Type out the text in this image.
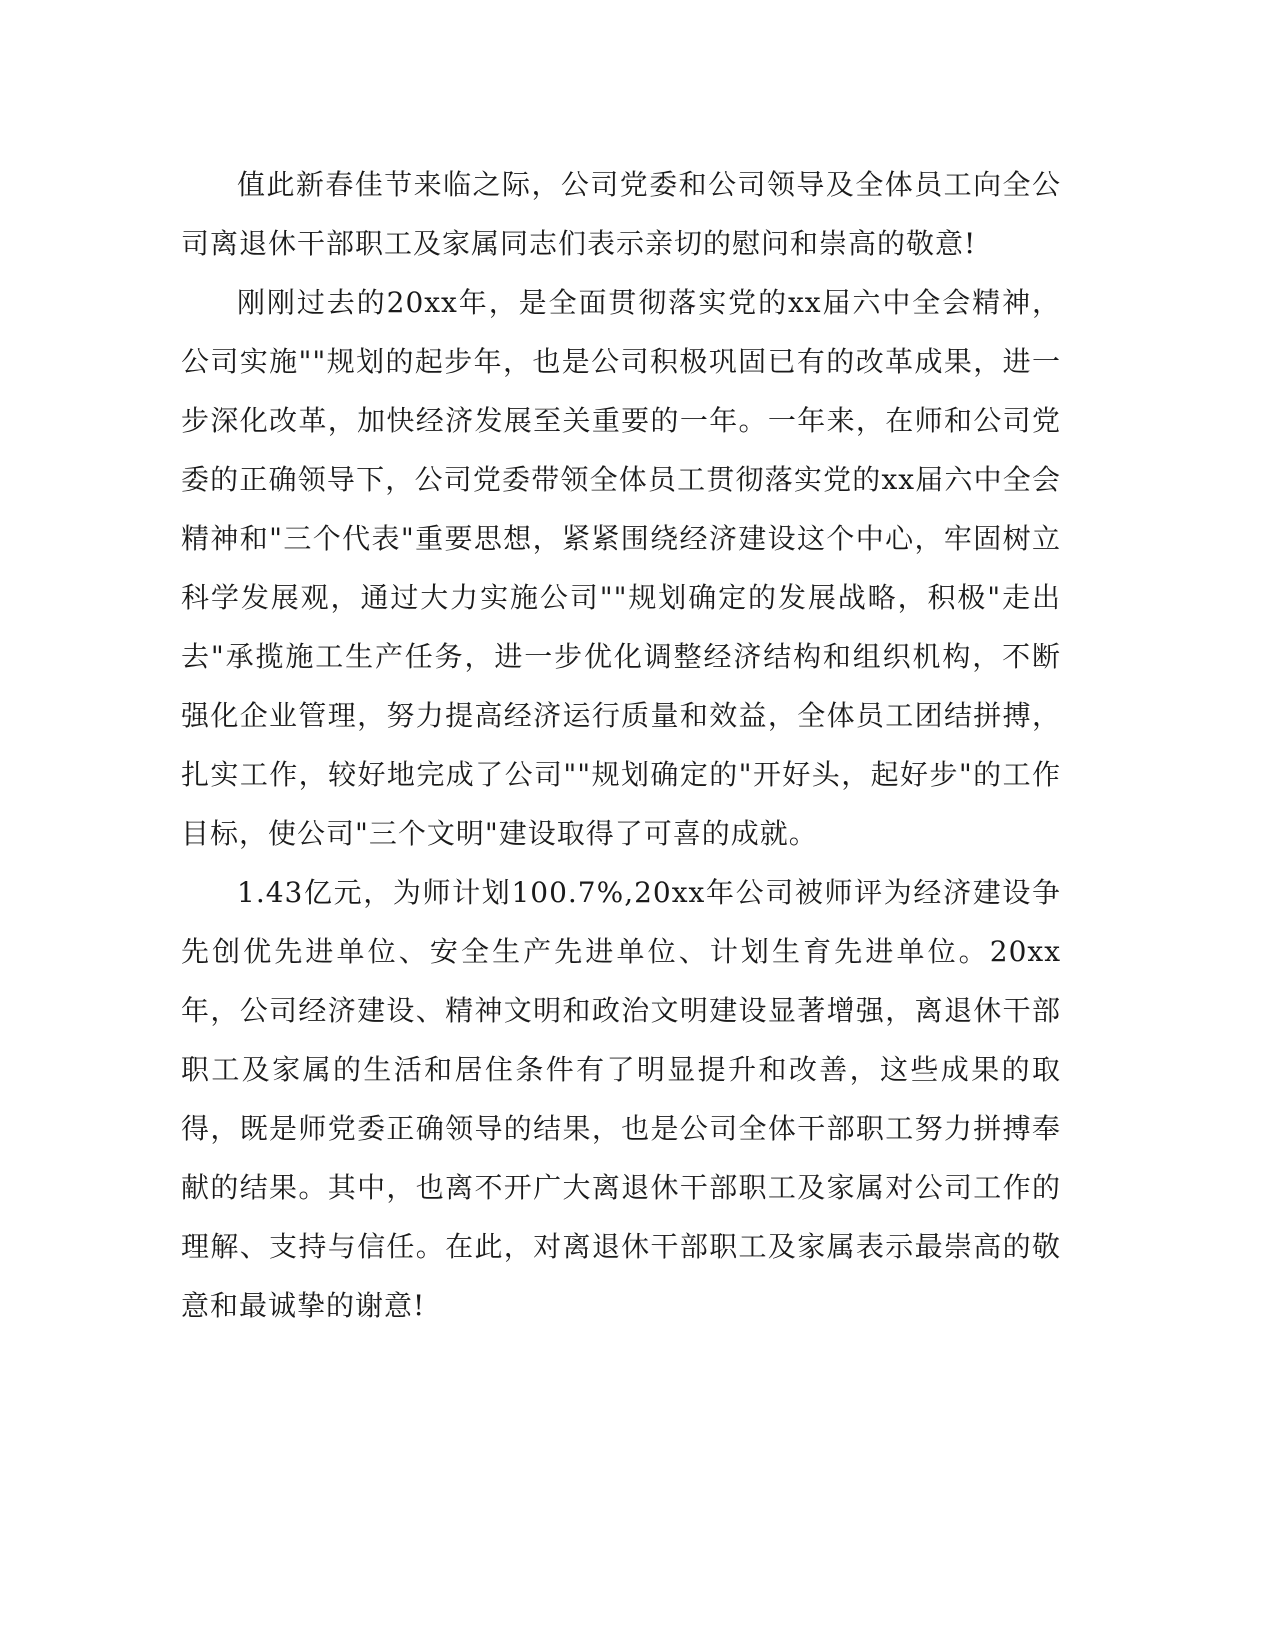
值此新春佳节来临之际，公司党委和公司领导及全体员工向全公司离退休干部职工及家属同志们表示亲切的慰问和崇高的敬意!

刚刚过去的20xx年，是全面贯彻落实党的xx届六中全会精神，公司实施""规划的起步年，也是公司积极巩固已有的改革成果，进一步深化改革，加快经济发展至关重要的一年。一年来，在师和公司党委的正确领导下，公司党委带领全体员工贯彻落实党的xx届六中全会精神和"三个代表"重要思想，紧紧围绕经济建设这个中心，牢固树立科学发展观，通过大力实施公司""规划确定的发展战略，积极"走出去"承揽施工生产任务，进一步优化调整经济结构和组织机构，不断强化企业管理，努力提高经济运行质量和效益，全体员工团结拼搏，扎实工作，较好地完成了公司""规划确定的"开好头，起好步"的工作目标，使公司"三个文明"建设取得了可喜的成就。

1.43亿元，为师计划100.7%,20xx年公司被师评为经济建设争先创优先进单位、安全生产先进单位、计划生育先进单位。20xx年，公司经济建设、精神文明和政治文明建设显著增强，离退休干部职工及家属的生活和居住条件有了明显提升和改善，这些成果的取得，既是师党委正确领导的结果，也是公司全体干部职工努力拼搏奉献的结果。其中，也离不开广大离退休干部职工及家属对公司工作的理解、支持与信任。在此，对离退休干部职工及家属表示最崇高的敬意和最诚挚的谢意!
